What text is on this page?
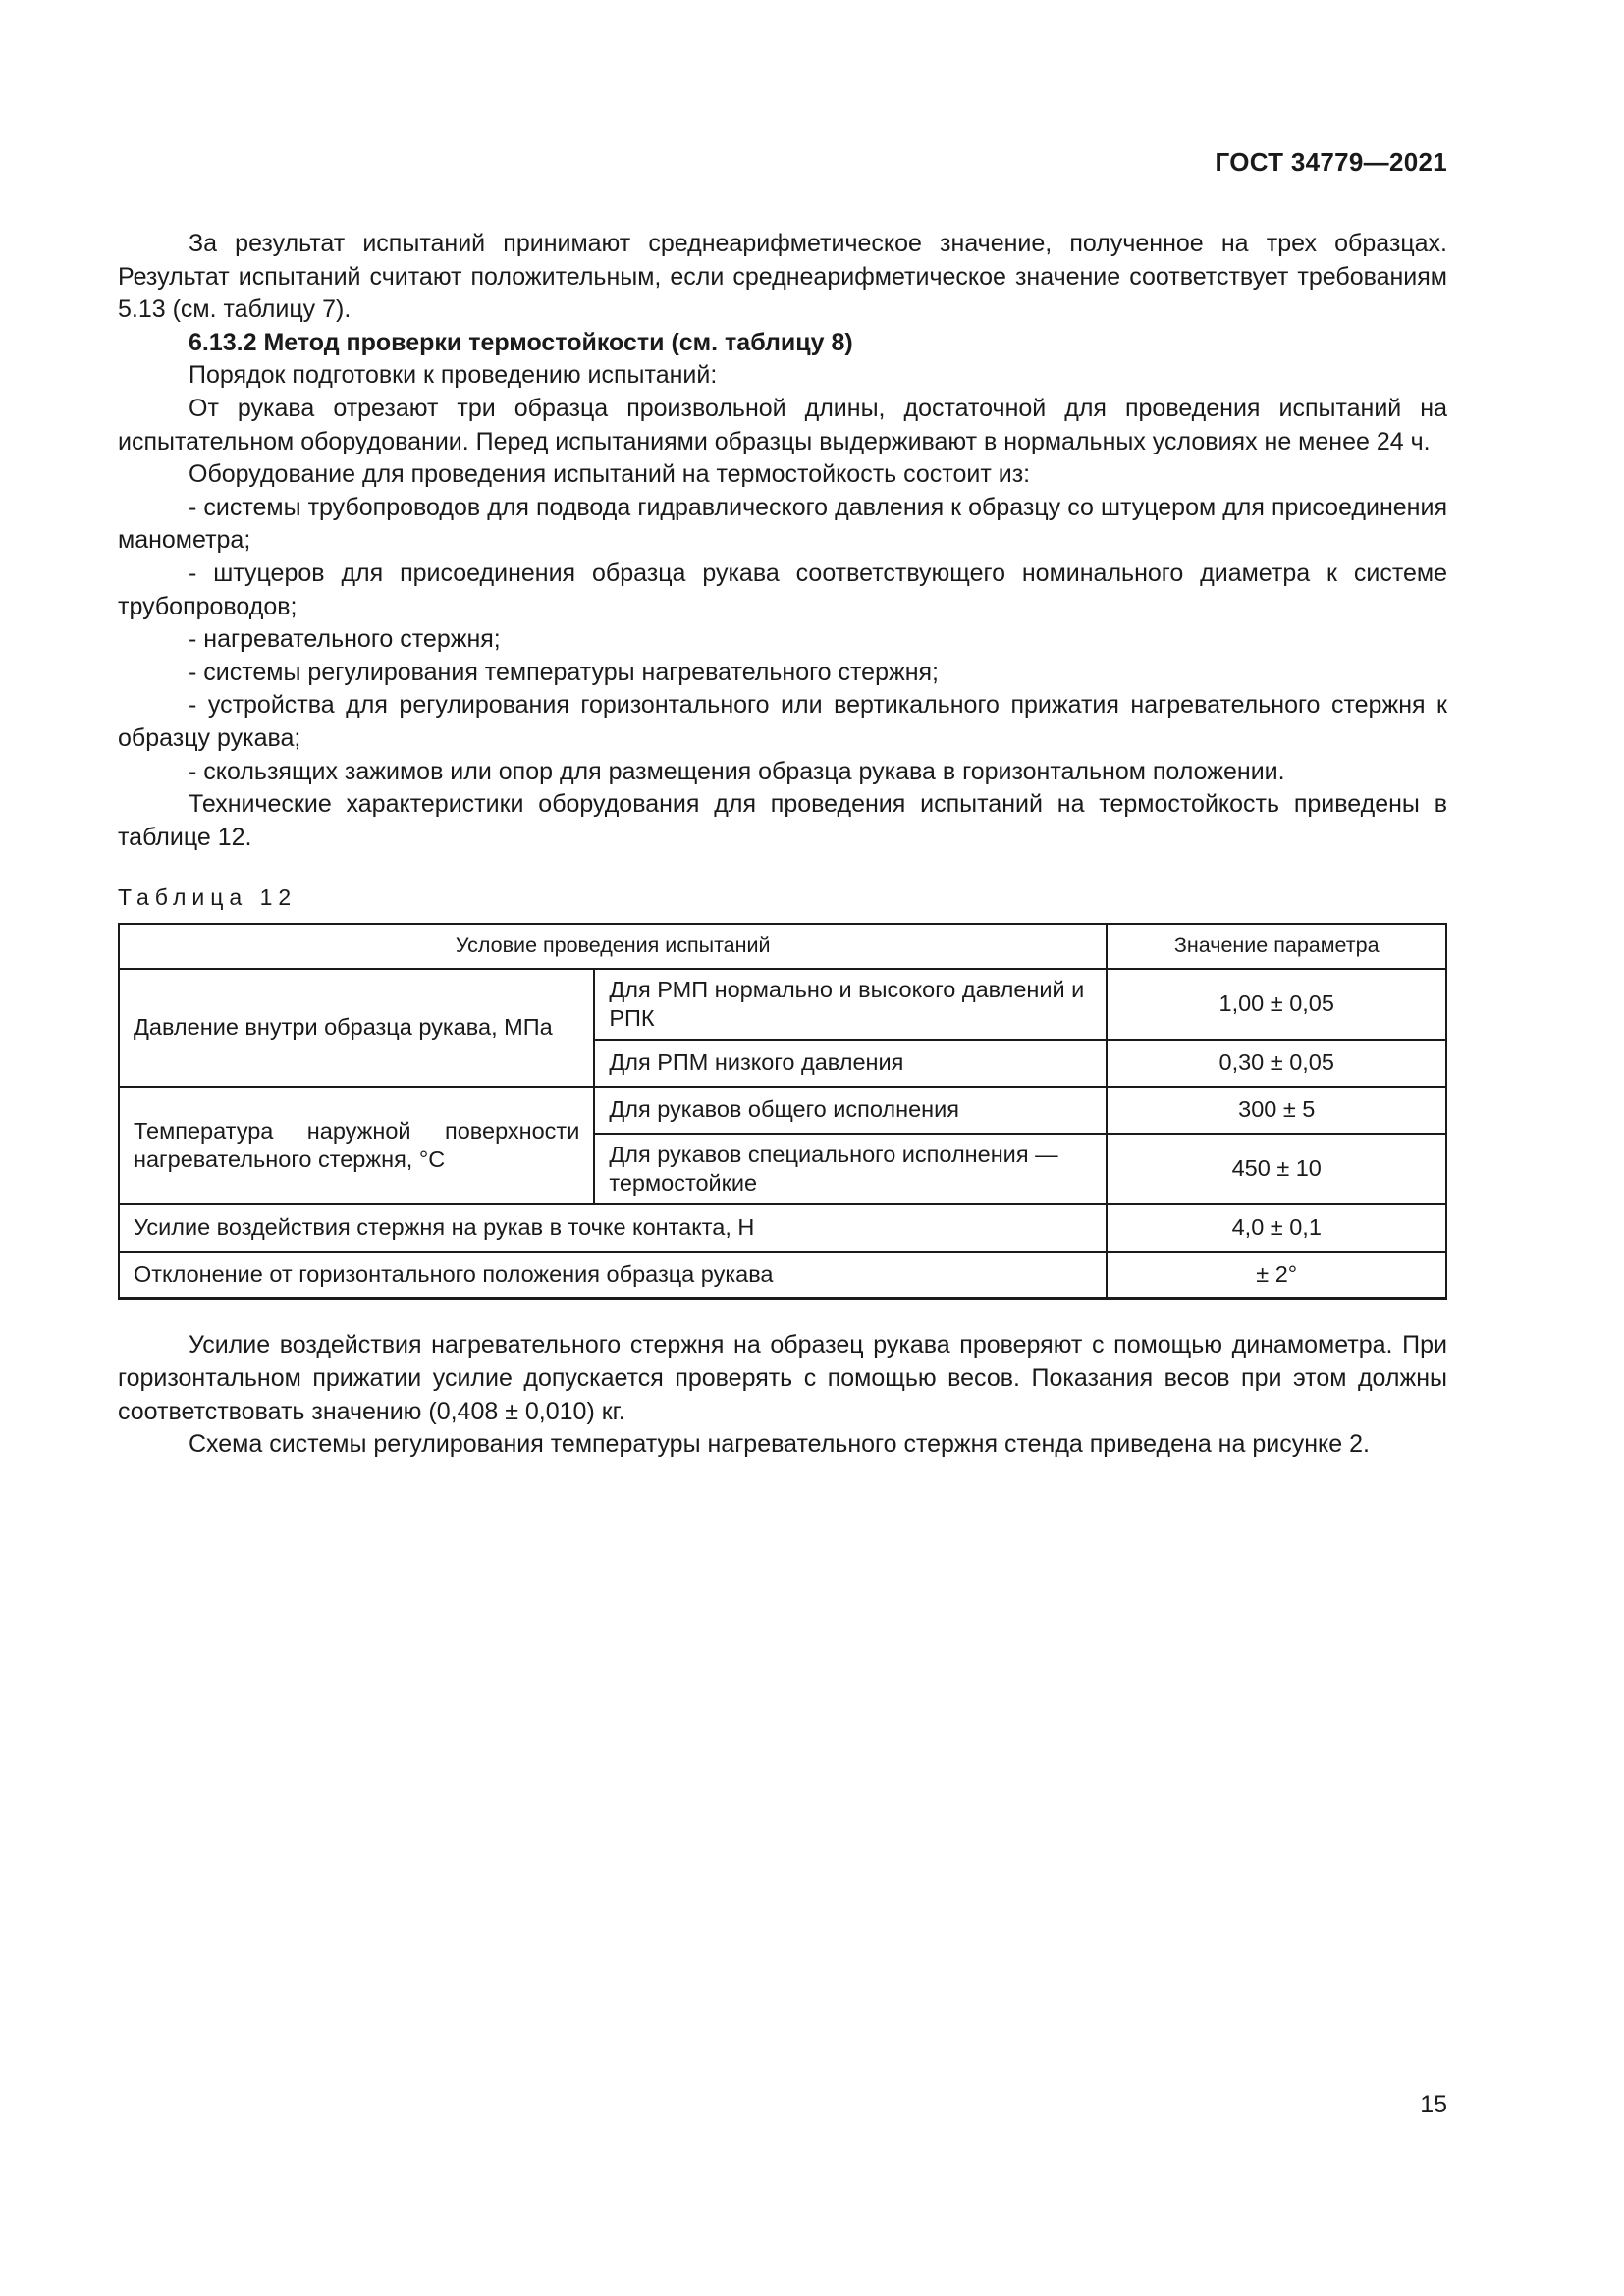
ГОСТ 34779—2021

За результат испытаний принимают среднеарифметическое значение, полученное на трех образцах. Результат испытаний считают положительным, если среднеарифметическое значение соответствует требованиям 5.13 (см. таблицу 7).

6.13.2 Метод проверки термостойкости (см. таблицу 8)

Порядок подготовки к проведению испытаний:

От рукава отрезают три образца произвольной длины, достаточной для проведения испытаний на испытательном оборудовании. Перед испытаниями образцы выдерживают в нормальных условиях не менее 24 ч.

Оборудование для проведения испытаний на термостойкость состоит из:

- системы трубопроводов для подвода гидравлического давления к образцу со штуцером для присоединения манометра;

- штуцеров для присоединения образца рукава соответствующего номинального диаметра к системе трубопроводов;

- нагревательного стержня;

- системы регулирования температуры нагревательного стержня;

- устройства для регулирования горизонтального или вертикального прижатия нагревательного стержня к образцу рукава;

- скользящих зажимов или опор для размещения образца рукава в горизонтальном положении.

Технические характеристики оборудования для проведения испытаний на термостойкость приведены в таблице 12.

Таблица 12
Условие проведения испытаний		Значение параметра
Давление внутри образца рукава, МПа	Для РМП нормально и высокого давлений и РПК	1,00 ± 0,05
	Для РПМ низкого давления	0,30 ± 0,05
Температура наружной поверхности нагревательного стержня, °С	Для рукавов общего исполнения	300 ± 5
	Для рукавов специального исполнения — термостойкие	450 ± 10
Усилие воздействия стержня на рукав в точке контакта, Н		4,0 ± 0,1
Отклонение от горизонтального положения образца рукава		± 2°

Усилие воздействия нагревательного стержня на образец рукава проверяют с помощью динамометра. При горизонтальном прижатии усилие допускается проверять с помощью весов. Показания весов при этом должны соответствовать значению (0,408 ± 0,010) кг.

Схема системы регулирования температуры нагревательного стержня стенда приведена на рисунке 2.

15
